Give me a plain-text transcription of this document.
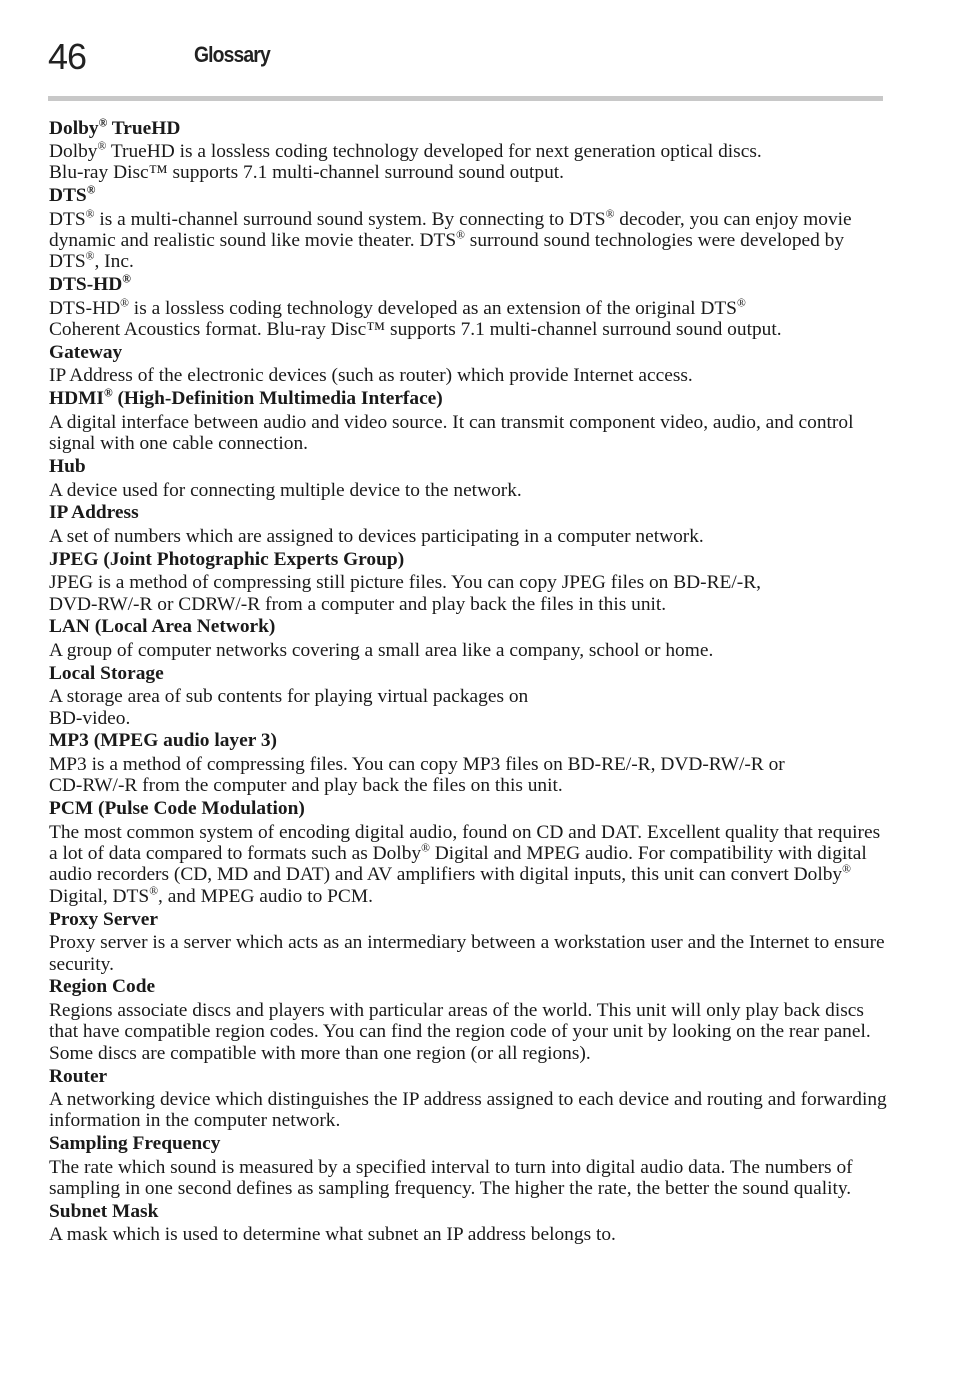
46	Glossary
Dolby® TrueHD
Dolby® TrueHD is a lossless coding technology developed for next generation optical discs.
Blu-ray Disc™ supports 7.1 multi-channel surround sound output.
DTS®
DTS® is a multi-channel surround sound system. By connecting to DTS® decoder, you can enjoy movie dynamic and realistic sound like movie theater. DTS® surround sound technologies were developed by DTS®, Inc.
DTS-HD®
DTS-HD® is a lossless coding technology developed as an extension of the original DTS®
Coherent Acoustics format. Blu-ray Disc™ supports 7.1 multi-channel surround sound output.
Gateway
IP Address of the electronic devices (such as router) which provide Internet access.
HDMI® (High-Definition Multimedia Interface)
A digital interface between audio and video source. It can transmit component video, audio, and control signal with one cable connection.
Hub
A device used for connecting multiple device to the network.
IP Address
A set of numbers which are assigned to devices participating in a computer network.
JPEG (Joint Photographic Experts Group)
JPEG is a method of compressing still picture files. You can copy JPEG files on BD-RE/-R,
DVD-RW/-R or CDRW/-R from a computer and play back the files in this unit.
LAN (Local Area Network)
A group of computer networks covering a small area like a company, school or home.
Local Storage
A storage area of sub contents for playing virtual packages on
BD-video.
MP3 (MPEG audio layer 3)
MP3 is a method of compressing files. You can copy MP3 files on BD-RE/-R, DVD-RW/-R or
CD-RW/-R from the computer and play back the files on this unit.
PCM (Pulse Code Modulation)
The most common system of encoding digital audio, found on CD and DAT. Excellent quality that requires a lot of data compared to formats such as Dolby® Digital and MPEG audio. For compatibility with digital audio recorders (CD, MD and DAT) and AV amplifiers with digital inputs, this unit can convert Dolby® Digital, DTS®, and MPEG audio to PCM.
Proxy Server
Proxy server is a server which acts as an intermediary between a workstation user and the Internet to ensure security.
Region Code
Regions associate discs and players with particular areas of the world. This unit will only play back discs that have compatible region codes. You can find the region code of your unit by looking on the rear panel. Some discs are compatible with more than one region (or all regions).
Router
A networking device which distinguishes the IP address assigned to each device and routing and forwarding information in the computer network.
Sampling Frequency
The rate which sound is measured by a specified interval to turn into digital audio data. The numbers of sampling in one second defines as sampling frequency. The higher the rate, the better the sound quality.
Subnet Mask
A mask which is used to determine what subnet an IP address belongs to.
